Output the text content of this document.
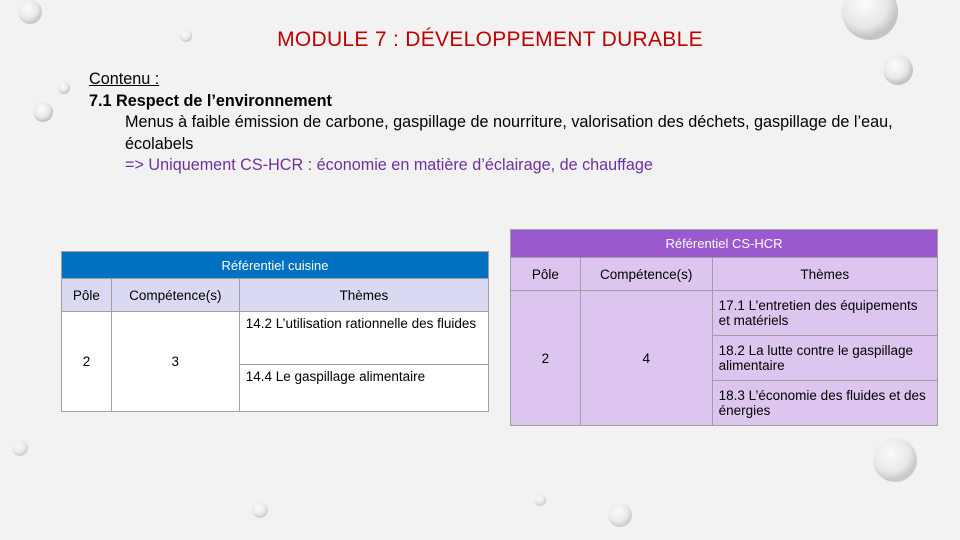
MODULE 7 : DÉVELOPPEMENT DURABLE
Contenu :
7.1 Respect de l’environnement
Menus à faible émission de carbone, gaspillage de nourriture, valorisation des déchets, gaspillage de l’eau, écolabels
=> Uniquement CS-HCR : économie en matière d’éclairage, de chauffage
Référentiel cuisine		
Pôle	Compétence(s)	Thèmes
2	3	14.2 L’utilisation rationnelle des fluides
		14.4 Le gaspillage alimentaire
Référentiel CS-HCR		
Pôle	Compétence(s)	Thèmes
2	4	17.1 L’entretien des équipements et matériels
		18.2 La lutte contre le gaspillage alimentaire
		18.3 L’économie des fluides et des énergies
